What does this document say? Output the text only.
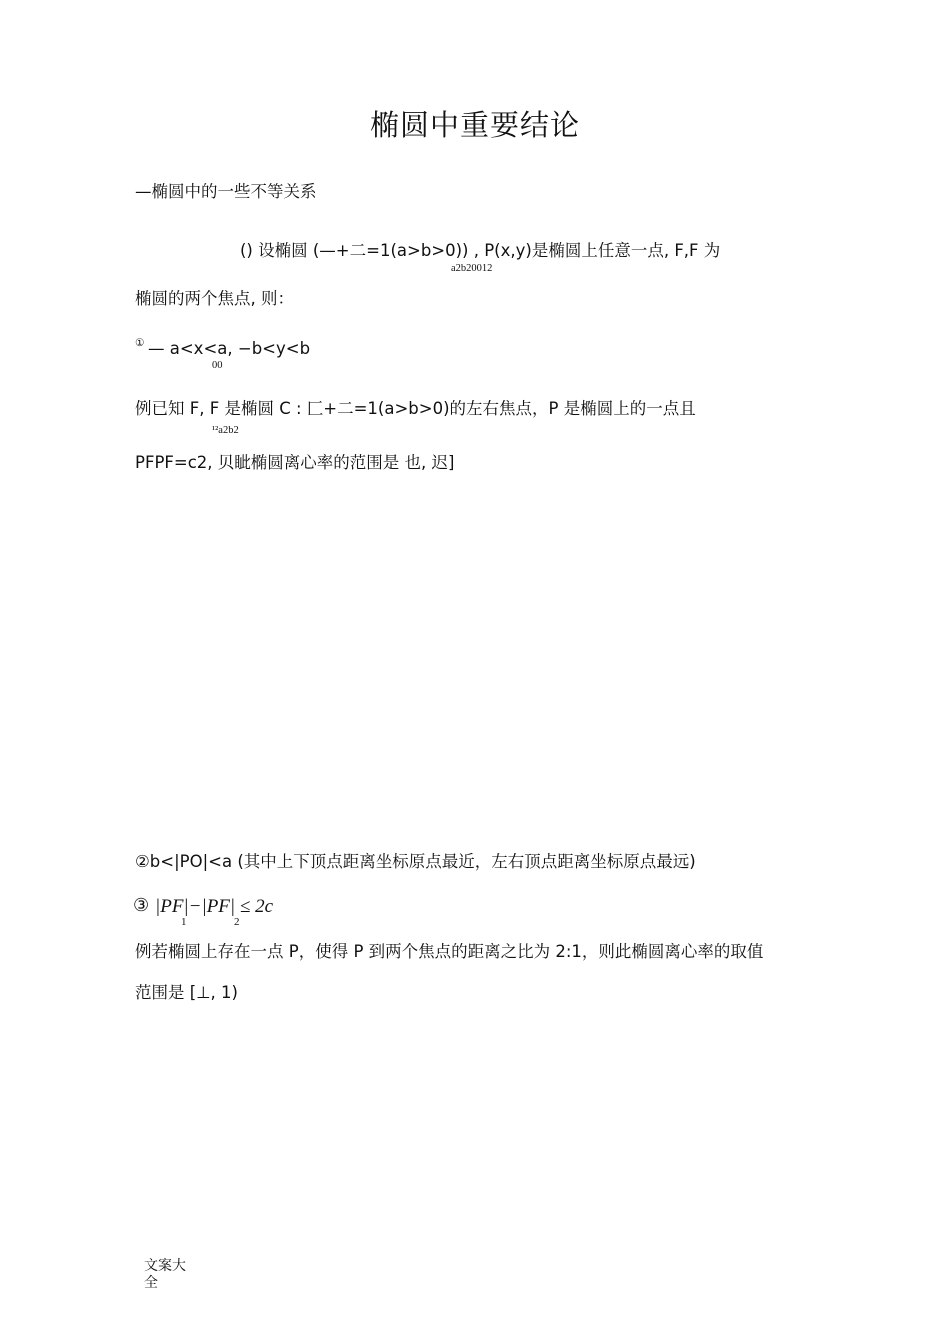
椭圆中重要结论
—椭圆中的一些不等关系
() 设椭圆 (—+二=1(a>b>0)) , P(x,y)是椭圆上任意一点, F,F 为
a2b20012
椭圆的两个焦点, 则：
① — a<x<a, −b<y<b
00
例已知 F, F 是椭圆 C : 匚+二=1(a>b>0)的左右焦点，P 是椭圆上的一点且
¹²a2b2
PFPF=c2, 贝眦椭圆离心率的范围是 也, 迟]
②b<|PO|<a (其中上下顶点距离坐标原点最近，左右顶点距离坐标原点最远)
③ |PF|−|PF| ≤ 2c
1	2
例若椭圆上存在一点 P，使得 P 到两个焦点的距离之比为 2:1，则此椭圆离心率的取值
范围是 [⊥, 1)
文案大
全
